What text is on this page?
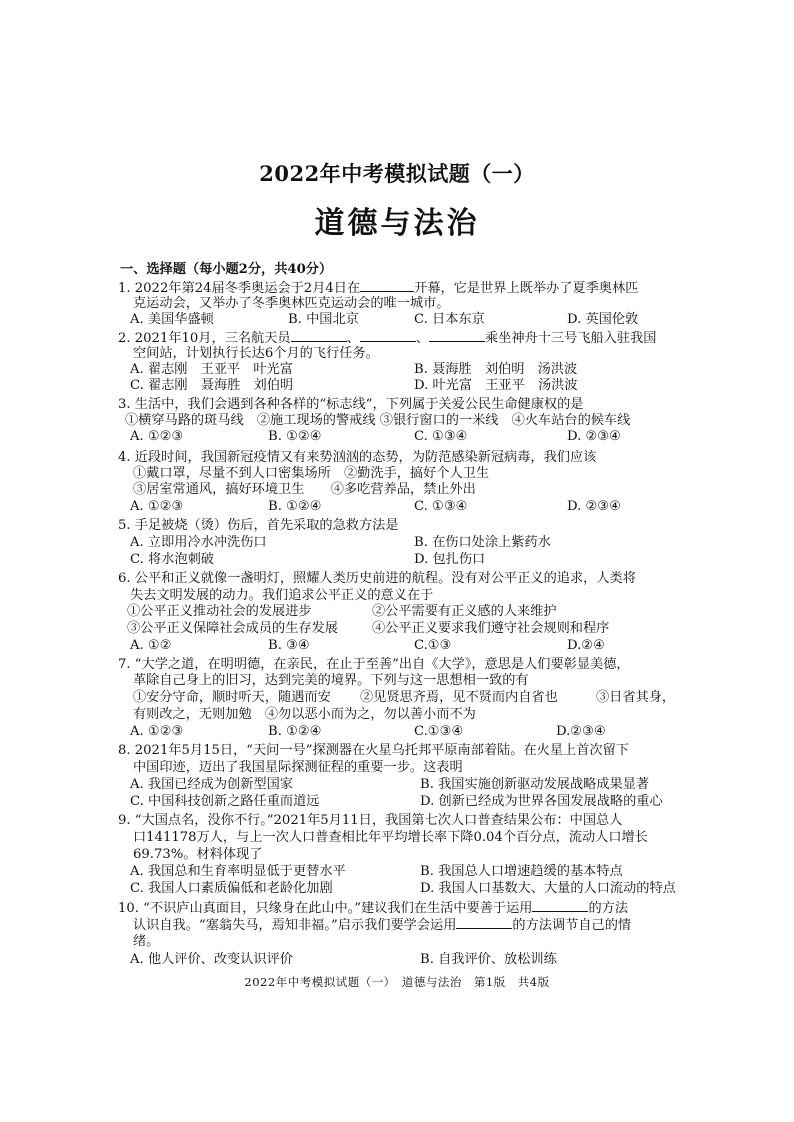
2022年中考模拟试题（一）
道德与法治
一、选择题（每小题2分，共40分）
1. 2022年第24届冬季奥运会于2月4日在	开幕，它是世界上既举办了夏季奥林匹
克运动会，又举办了冬季奥林匹克运动会的唯一城市。
A. 美国华盛顿	B. 中国北京	C. 日本东京	D. 英国伦敦
2. 2021年10月，三名航天员	、	、	乘坐神舟十三号飞船入驻我国
空间站，计划执行长达6个月的飞行任务。
A. 翟志刚　王亚平　叶光富	B. 聂海胜　刘伯明　汤洪波
C. 翟志刚　聂海胜　刘伯明	D. 叶光富　王亚平　汤洪波
3. 生活中，我们会遇到各种各样的“标志线”，下列属于关爱公民生命健康权的是
①横穿马路的斑马线　②施工现场的警戒线 ③银行窗口的一米线　④火车站台的候车线
A. ①②③	B. ①②④	C. ①③④	D. ②③④
4. 近段时间，我国新冠疫情又有来势汹汹的态势，为防范感染新冠病毒，我们应该
①戴口罩，尽量不到人口密集场所　②勤洗手，搞好个人卫生
③居室常通风，搞好环境卫生　　④多吃营养品，禁止外出
A. ①②③	B. ①②④	C. ①③④	D. ②③④
5. 手足被烧（烫）伤后，首先采取的急救方法是
A. 立即用冷水冲洗伤口	B. 在伤口处涂上紫药水
C. 将水泡刺破	D. 包扎伤口
6. 公平和正义就像一盏明灯，照耀人类历史前进的航程。没有对公平正义的追求，人类将
失去文明发展的动力。我们追求公平正义的意义在于
①公平正义推动社会的发展进步	②公平需要有正义感的人来维护
③公平正义保障社会成员的生存发展	④公平正义要求我们遵守社会规则和程序
A. ①②	B. ③④	C.①③	D.②④
7. “大学之道，在明明德，在亲民，在止于至善”出自《大学》，意思是人们要彰显美德，
革除自己身上的旧习，达到完美的境界。下列与这一思想相一致的有
①安分守命，顺时听天，随遇而安 ②见贤思齐焉，见不贤而内自省也	③日省其身，
有则改之，无则加勉　④勿以恶小而为之，勿以善小而不为
A. ①②③	B. ①②④	C.①③④	D.②③④
8. 2021年5月15日，“天问一号”探测器在火星乌托邦平原南部着陆。在火星上首次留下
中国印迹，迈出了我国星际探测征程的重要一步。这表明
A. 我国已经成为创新型国家	B. 我国实施创新驱动发展战略成果显著
C. 中国科技创新之路任重而道远	D. 创新已经成为世界各国发展战略的重心
9. “大国点名，没你不行。”2021年5月11日，我国第七次人口普查结果公布：中国总人
口141178万人，与上一次人口普查相比年平均增长率下降0.04个百分点，流动人口增长
69.73%。材料体现了
A. 我国总和生育率明显低于更替水平	B. 我国总人口增速趋缓的基本特点
C. 我国人口素质偏低和老龄化加剧	D. 我国人口基数大、大量的人口流动的特点
10. “不识庐山真面目，只缘身在此山中。”建议我们在生活中要善于运用	的方法
认识自我。“塞翁失马，焉知非福。”启示我们要学会运用	的方法调节自己的情
绪。
A. 他人评价、改变认识评价	B. 自我评价、放松训练
2022年中考模拟试题（一）　道德与法治　第1版　共4版
